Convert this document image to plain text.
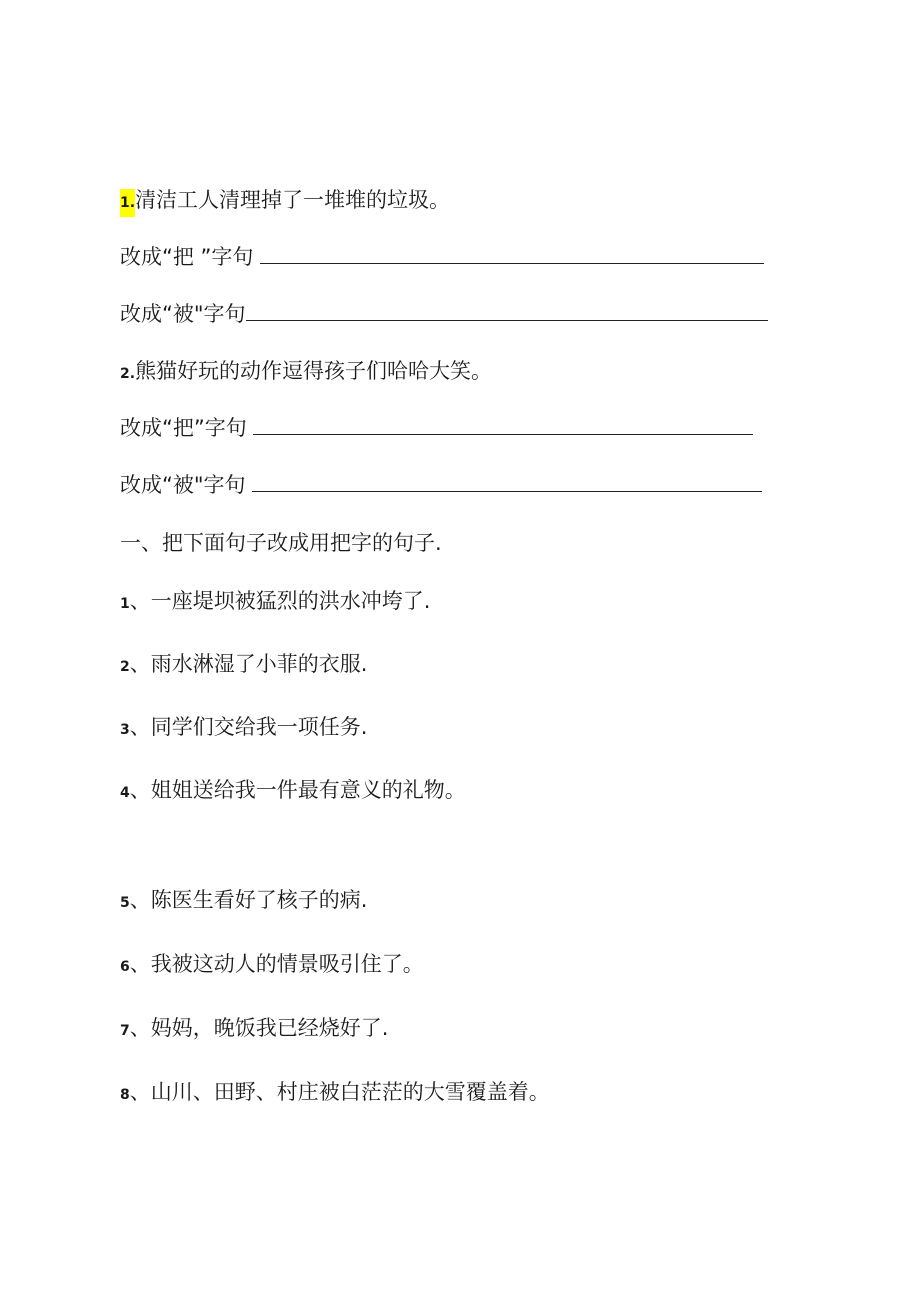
1.清洁工人清理掉了一堆堆的垃圾。
改成“把 ”字句
改成“被"字句
2.熊猫好玩的动作逗得孩子们哈哈大笑。
改成“把”字句
改成“被"字句
一、把下面句子改成用把字的句子.
1、一座堤坝被猛烈的洪水冲垮了.
2、雨水淋湿了小菲的衣服.
3、同学们交给我一项任务.
4、姐姐送给我一件最有意义的礼物。
5、陈医生看好了核子的病.
6、我被这动人的情景吸引住了。
7、妈妈，晚饭我已经烧好了.
8、山川、田野、村庄被白茫茫的大雪覆盖着。
